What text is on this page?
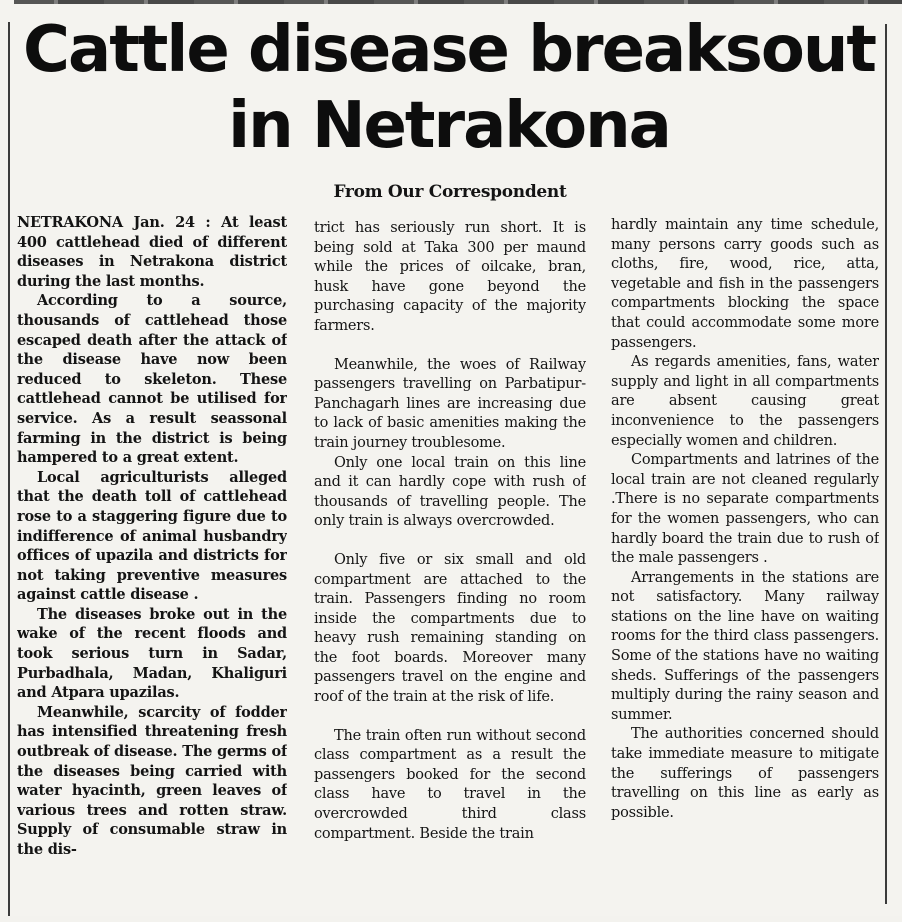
Cattle disease breaksout in Netrakona
From Our Correspondent

NETRAKONA Jan. 24 : At least 400 cattlehead died of different diseases in Netrakona district during the last months.

According to a source, thousands of cattlehead those escaped death after the attack of the disease have now been reduced to skeleton. These cattlehead cannot be utilised for service. As a result seassonal farming in the district is being hampered to a great extent.

Local agriculturists alleged that the death toll of cattlehead rose to a staggering figure due to indifference of animal husbandry offices of upazila and districts for not taking preventive measures against cattle disease .

The diseases broke out in the wake of the recent floods and took serious turn in Sadar, Purbadhala, Madan, Khaliguri and Atpara upazilas.

Meanwhile, scarcity of fodder has intensified threatening fresh outbreak of disease. The germs of the diseases being carried with water hyacinth, green leaves of various trees and rotten straw. Supply of consumable straw in the dis-

trict has seriously run short. It is being sold at Taka 300 per maund while the prices of oilcake, bran, husk have gone beyond the purchasing capacity of the majority farmers.

Meanwhile, the woes of Railway passengers travelling on Parbatipur-Panchagarh lines are increasing due to lack of basic amenities making the train journey troublesome.

Only one local train on this line and it can hardly cope with rush of thousands of travelling people. The only train is always overcrowded.

Only five or six small and old compartment are attached to the train. Passengers finding no room inside the compartments due to heavy rush remaining standing on the foot boards. Moreover many passengers travel on the engine and roof of the train at the risk of life.

The train often run without second class compartment as a result the passengers booked for the second class have to travel in the overcrowded third class compartment. Beside the train

hardly maintain any time schedule, many persons carry goods such as cloths, fire, wood, rice, atta, vegetable and fish in the passengers compartments blocking the space that could accommodate some more passengers.

As regards amenities, fans, water supply and light in all compartments are absent causing great inconvenience to the passengers especially women and children.

Compartments and latrines of the local train are not cleaned regularly .There is no separate compartments for the women passengers, who can hardly board the train due to rush of the male passengers .

Arrangements in the stations are not satisfactory. Many railway stations on the line have on waiting rooms for the third class passengers. Some of the stations have no waiting sheds. Sufferings of the passengers multiply during the rainy season and summer.

The authorities concerned should take immediate measure to mitigate the sufferings of passengers travelling on this line as early as possible.
